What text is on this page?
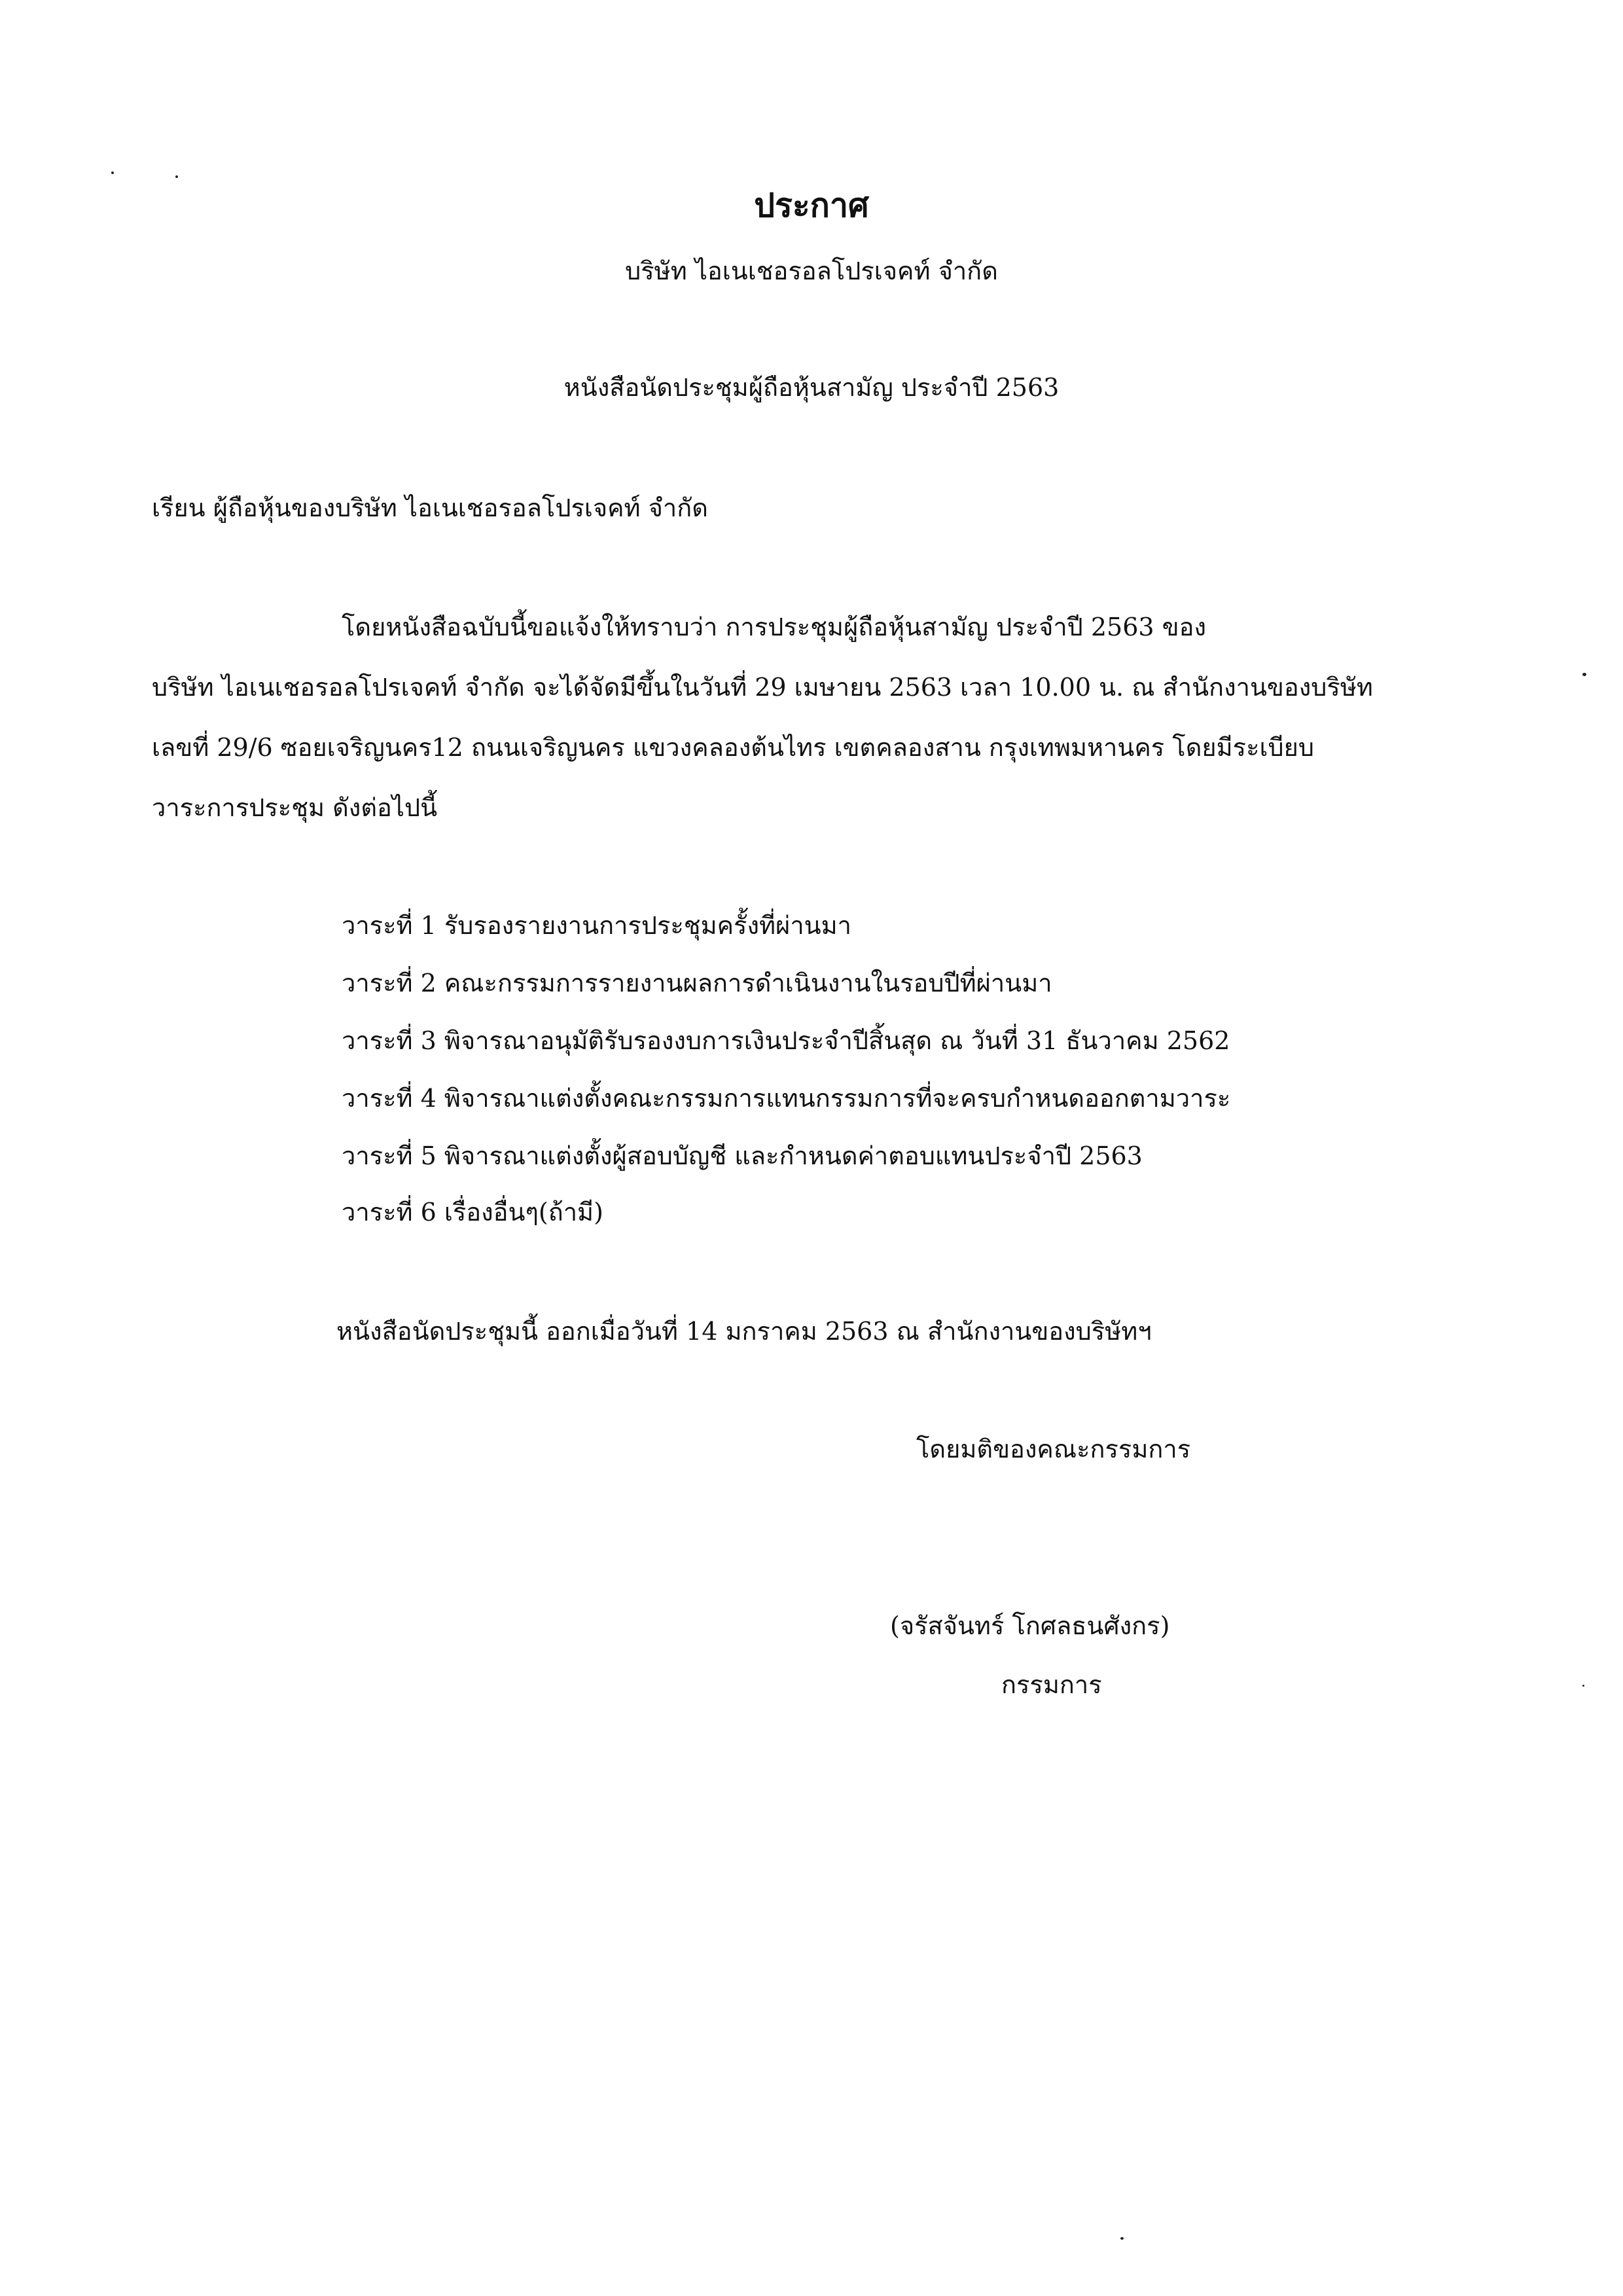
ประกาศ
บริษัท ไอเนเชอรอลโปรเจคท์ จำกัด
หนังสือนัดประชุมผู้ถือหุ้นสามัญ ประจำปี 2563
เรียน ผู้ถือหุ้นของบริษัท ไอเนเชอรอลโปรเจคท์ จำกัด
โดยหนังสือฉบับนี้ขอแจ้งให้ทราบว่า การประชุมผู้ถือหุ้นสามัญ ประจำปี 2563 ของ
บริษัท ไอเนเชอรอลโปรเจคท์ จำกัด จะได้จัดมีขึ้นในวันที่ 29 เมษายน 2563 เวลา 10.00 น. ณ สำนักงานของบริษัท
เลขที่ 29/6 ซอยเจริญนคร12 ถนนเจริญนคร แขวงคลองต้นไทร เขตคลองสาน กรุงเทพมหานคร โดยมีระเบียบ
วาระการประชุม ดังต่อไปนี้
วาระที่ 1 รับรองรายงานการประชุมครั้งที่ผ่านมา
วาระที่ 2 คณะกรรมการรายงานผลการดำเนินงานในรอบปีที่ผ่านมา
วาระที่ 3 พิจารณาอนุมัติรับรองงบการเงินประจำปีสิ้นสุด ณ วันที่ 31 ธันวาคม 2562
วาระที่ 4 พิจารณาแต่งตั้งคณะกรรมการแทนกรรมการที่จะครบกำหนดออกตามวาระ
วาระที่ 5 พิจารณาแต่งตั้งผู้สอบบัญชี และกำหนดค่าตอบแทนประจำปี 2563
วาระที่ 6 เรื่องอื่นๆ(ถ้ามี)
หนังสือนัดประชุมนี้ ออกเมื่อวันที่ 14 มกราคม 2563 ณ สำนักงานของบริษัทฯ
โดยมติของคณะกรรมการ
(จรัสจันทร์ โกศลธนศังกร)
กรรมการ
